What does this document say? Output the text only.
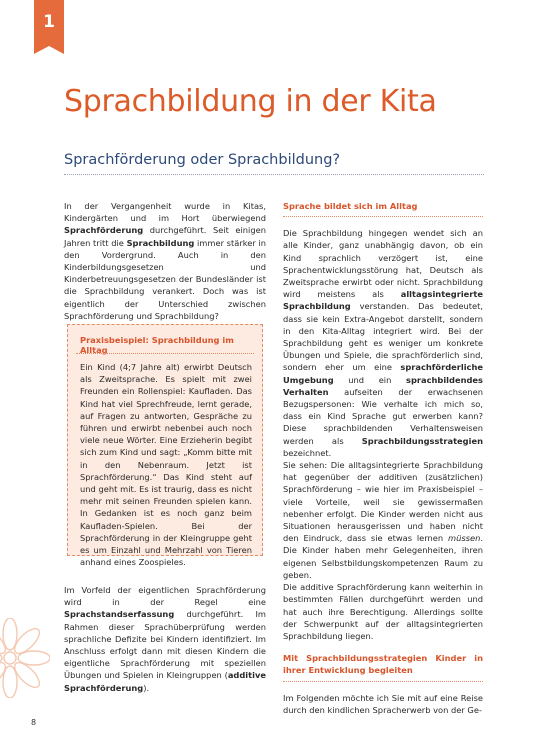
1
Sprachbildung in der Kita
Sprachförderung oder Sprachbildung?

In der Vergangenheit wurde in Kitas, Kindergärten und im Hort überwiegend Sprachförderung durchgeführt. Seit einigen Jahren tritt die Sprachbildung immer stärker in den Vordergrund. Auch in den Kinderbildungsgesetzen und Kinderbetreuungsgesetzen der Bundesländer ist die Sprachbildung verankert. Doch was ist eigentlich der Unterschied zwischen Sprachförderung und Sprachbildung?

Praxisbeispiel: Sprachbildung im Alltag
Ein Kind (4;7 Jahre alt) erwirbt Deutsch als Zweitsprache. Es spielt mit zwei Freunden ein Rollenspiel: Kaufladen. Das Kind hat viel Sprechfreude, lernt gerade, auf Fragen zu antworten, Gespräche zu führen und erwirbt nebenbei auch noch viele neue Wörter. Eine Erzieherin begibt sich zum Kind und sagt: „Komm bitte mit in den Nebenraum. Jetzt ist Sprachförderung.“ Das Kind steht auf und geht mit. Es ist traurig, dass es nicht mehr mit seinen Freunden spielen kann. In Gedanken ist es noch ganz beim Kaufladen-Spielen. Bei der Sprachförderung in der Kleingruppe geht es um Einzahl und Mehrzahl von Tieren anhand eines Zoospieles.

Im Vorfeld der eigentlichen Sprachförderung wird in der Regel eine Sprachstandserfassung durchgeführt. Im Rahmen dieser Sprachüberprüfung werden sprachliche Defizite bei Kindern identifiziert. Im Anschluss erfolgt dann mit diesen Kindern die eigentliche Sprachförderung mit speziellen Übungen und Spielen in Kleingruppen (additive Sprachförderung).

Sprache bildet sich im Alltag

Die Sprachbildung hingegen wendet sich an alle Kinder, ganz unabhängig davon, ob ein Kind sprachlich verzögert ist, eine Sprachentwicklungsstörung hat, Deutsch als Zweitsprache erwirbt oder nicht. Sprachbildung wird meistens als alltagsintegrierte Sprachbildung verstanden. Das bedeutet, dass sie kein Extra-Angebot darstellt, sondern in den Kita-Alltag integriert wird. Bei der Sprachbildung geht es weniger um konkrete Übungen und Spiele, die sprachförderlich sind, sondern eher um eine sprachförderliche Umgebung und ein sprachbildendes Verhalten aufseiten der erwachsenen Bezugspersonen: Wie verhalte ich mich so, dass ein Kind Sprache gut erwerben kann? Diese sprachbildenden Verhaltensweisen werden als Sprachbildungsstrategien bezeichnet.

Sie sehen: Die alltagsintegrierte Sprachbildung hat gegenüber der additiven (zusätzlichen) Sprachförderung – wie hier im Praxisbeispiel – viele Vorteile, weil sie gewissermaßen nebenher erfolgt. Die Kinder werden nicht aus Situationen herausgerissen und haben nicht den Eindruck, dass sie etwas lernen müssen. Die Kinder haben mehr Gelegenheiten, ihren eigenen Selbstbildungskompetenzen Raum zu geben.

Die additive Sprachförderung kann weiterhin in bestimmten Fällen durchgeführt werden und hat auch ihre Berechtigung. Allerdings sollte der Schwerpunkt auf der alltagsintegrierten Sprachbildung liegen.

Mit Sprachbildungsstrategien Kinder in ihrer Entwicklung begleiten

Im Folgenden möchte ich Sie mit auf eine Reise durch den kindlichen Spracherwerb von der Ge-

8
